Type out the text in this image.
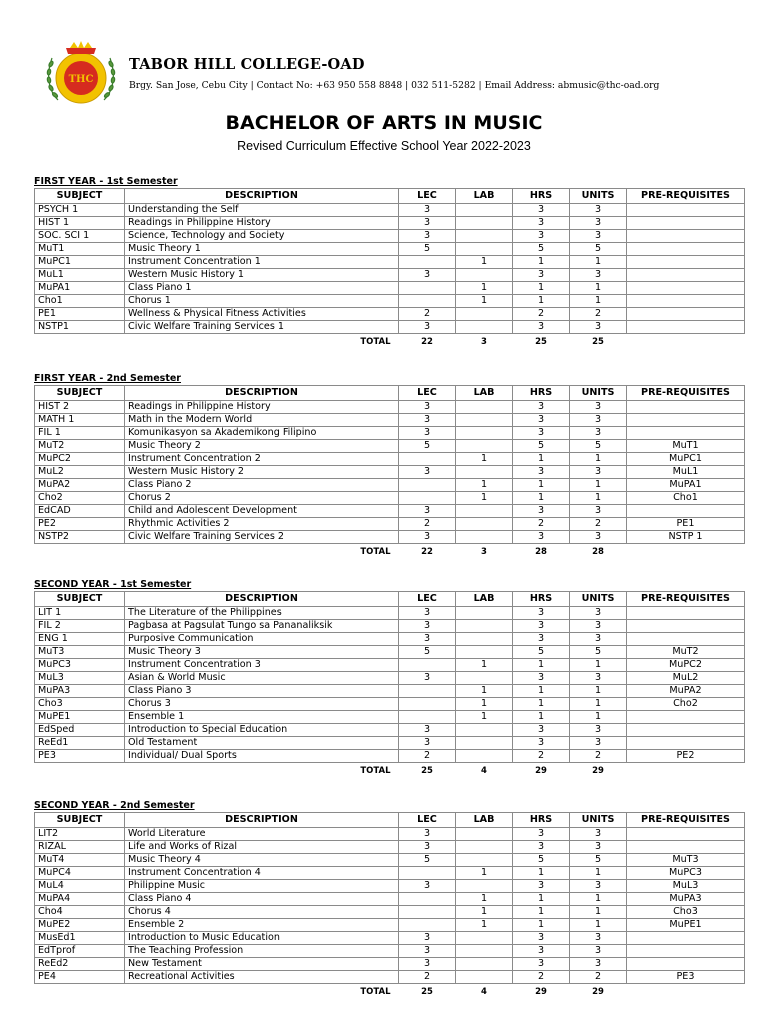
THC
TABOR HILL COLLEGE-OAD
Brgy. San Jose, Cebu City | Contact No: +63 950 558 8848 | 032 511-5282 | Email Address: abmusic@thc-oad.org
BACHELOR OF ARTS IN MUSIC
Revised Curriculum Effective School Year 2022-2023
FIRST YEAR - 1st Semester
SUBJECT	DESCRIPTION	LEC	LAB	HRS	UNITS	PRE-REQUISITES
PSYCH 1	Understanding the Self	3		3	3	
HIST 1	Readings in Philippine History	3		3	3	
SOC. SCI 1	Science, Technology and Society	3		3	3	
MuT1	Music Theory 1	5		5	5	
MuPC1	Instrument Concentration 1		1	1	1	
MuL1	Western Music History 1	3		3	3	
MuPA1	Class Piano 1		1	1	1	
Cho1	Chorus 1		1	1	1	
PE1	Wellness & Physical Fitness Activities	2		2	2	
NSTP1	Civic Welfare Training Services 1	3		3	3	
	TOTAL	22	3	25	25	
FIRST YEAR - 2nd Semester
SUBJECT	DESCRIPTION	LEC	LAB	HRS	UNITS	PRE-REQUISITES
HIST 2	Readings in Philippine History	3		3	3	
MATH 1	Math in the Modern World	3		3	3	
FIL 1	Komunikasyon sa Akademikong Filipino	3		3	3	
MuT2	Music Theory 2	5		5	5	MuT1
MuPC2	Instrument Concentration 2		1	1	1	MuPC1
MuL2	Western Music History 2	3		3	3	MuL1
MuPA2	Class Piano 2		1	1	1	MuPA1
Cho2	Chorus 2		1	1	1	Cho1
EdCAD	Child and Adolescent Development	3		3	3	
PE2	Rhythmic Activities 2	2		2	2	PE1
NSTP2	Civic Welfare Training Services 2	3		3	3	NSTP 1
	TOTAL	22	3	28	28	
SECOND YEAR - 1st Semester
SUBJECT	DESCRIPTION	LEC	LAB	HRS	UNITS	PRE-REQUISITES
LIT 1	The Literature of the Philippines	3		3	3	
FIL 2	Pagbasa at Pagsulat Tungo sa Pananaliksik	3		3	3	
ENG 1	Purposive Communication	3		3	3	
MuT3	Music Theory 3	5		5	5	MuT2
MuPC3	Instrument Concentration 3		1	1	1	MuPC2
MuL3	Asian & World Music	3		3	3	MuL2
MuPA3	Class Piano 3		1	1	1	MuPA2
Cho3	Chorus 3		1	1	1	Cho2
MuPE1	Ensemble 1		1	1	1	
EdSped	Introduction to Special Education	3		3	3	
ReEd1	Old Testament	3		3	3	
PE3	Individual/ Dual Sports	2		2	2	PE2
	TOTAL	25	4	29	29	
SECOND YEAR - 2nd Semester
SUBJECT	DESCRIPTION	LEC	LAB	HRS	UNITS	PRE-REQUISITES
LIT2	World Literature	3		3	3	
RIZAL	Life and Works of Rizal	3		3	3	
MuT4	Music Theory 4	5		5	5	MuT3
MuPC4	Instrument Concentration 4		1	1	1	MuPC3
MuL4	Philippine Music	3		3	3	MuL3
MuPA4	Class Piano 4		1	1	1	MuPA3
Cho4	Chorus 4		1	1	1	Cho3
MuPE2	Ensemble 2		1	1	1	MuPE1
MusEd1	Introduction to Music Education	3		3	3	
EdTprof	The Teaching Profession	3		3	3	
ReEd2	New Testament	3		3	3	
PE4	Recreational Activities	2		2	2	PE3
	TOTAL	25	4	29	29	
